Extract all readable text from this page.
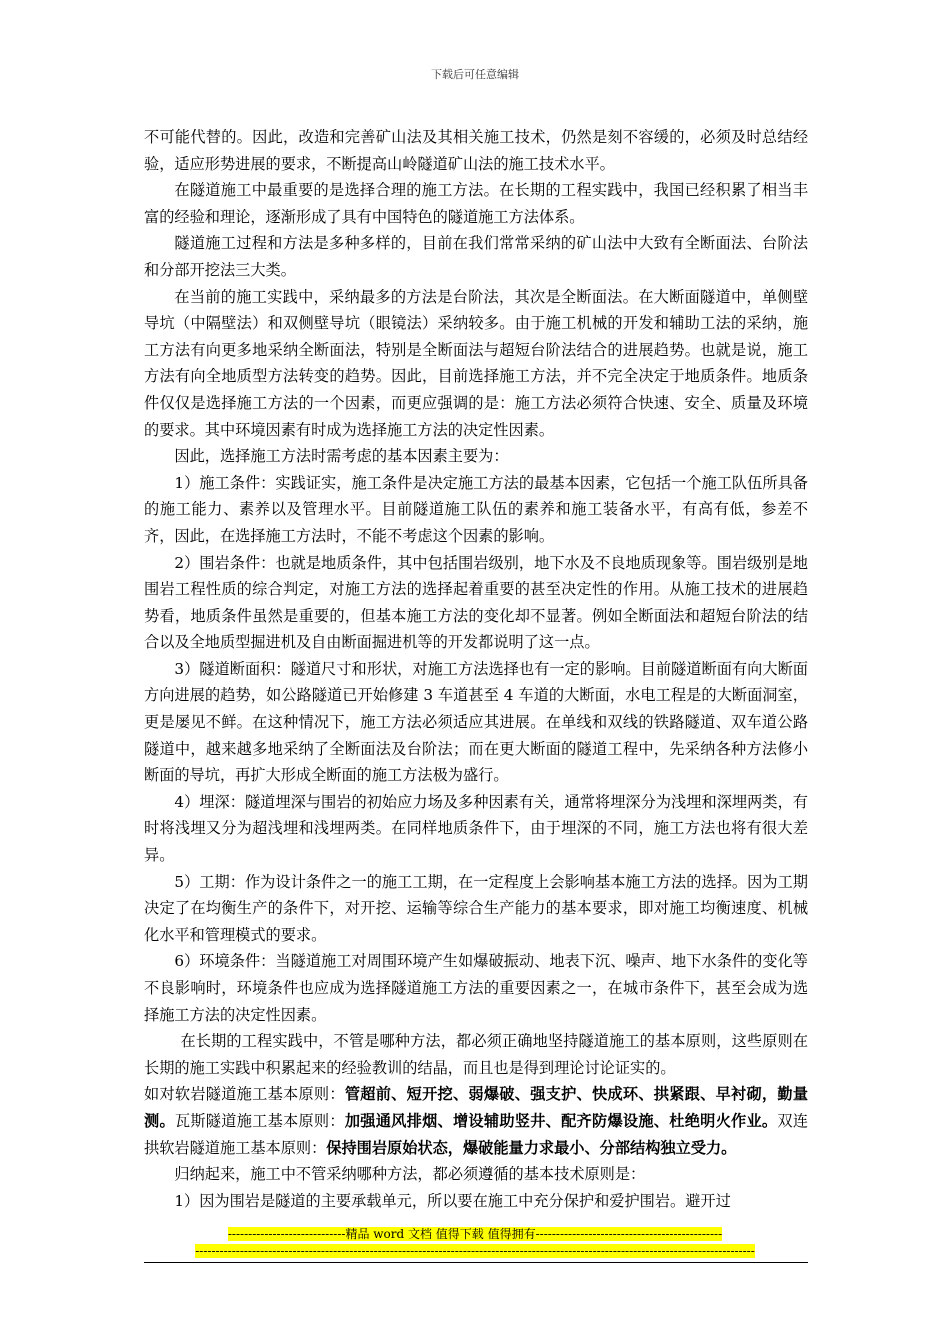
下载后可任意编辑

不可能代替的。因此，改造和完善矿山法及其相关施工技术，仍然是刻不容缓的，必须及时总结经验，适应形势进展的要求，不断提高山岭隧道矿山法的施工技术水平。

在隧道施工中最重要的是选择合理的施工方法。在长期的工程实践中，我国已经积累了相当丰富的经验和理论，逐渐形成了具有中国特色的隧道施工方法体系。

隧道施工过程和方法是多种多样的，目前在我们常常采纳的矿山法中大致有全断面法、台阶法和分部开挖法三大类。

在当前的施工实践中，采纳最多的方法是台阶法，其次是全断面法。在大断面隧道中，单侧壁导坑（中隔壁法）和双侧壁导坑（眼镜法）采纳较多。由于施工机械的开发和辅助工法的采纳，施工方法有向更多地采纳全断面法，特别是全断面法与超短台阶法结合的进展趋势。也就是说，施工方法有向全地质型方法转变的趋势。因此，目前选择施工方法，并不完全决定于地质条件。地质条件仅仅是选择施工方法的一个因素，而更应强调的是：施工方法必须符合快速、安全、质量及环境的要求。其中环境因素有时成为选择施工方法的决定性因素。

因此，选择施工方法时需考虑的基本因素主要为：

1）施工条件：实践证实，施工条件是决定施工方法的最基本因素，它包括一个施工队伍所具备的施工能力、素养以及管理水平。目前隧道施工队伍的素养和施工装备水平，有高有低，参差不齐，因此，在选择施工方法时，不能不考虑这个因素的影响。

2）围岩条件：也就是地质条件，其中包括围岩级别，地下水及不良地质现象等。围岩级别是地围岩工程性质的综合判定，对施工方法的选择起着重要的甚至决定性的作用。从施工技术的进展趋势看，地质条件虽然是重要的，但基本施工方法的变化却不显著。例如全断面法和超短台阶法的结合以及全地质型掘进机及自由断面掘进机等的开发都说明了这一点。

3）隧道断面积：隧道尺寸和形状，对施工方法选择也有一定的影响。目前隧道断面有向大断面方向进展的趋势，如公路隧道已开始修建 3 车道甚至 4 车道的大断面，水电工程是的大断面洞室，更是屡见不鲜。在这种情况下，施工方法必须适应其进展。在单线和双线的铁路隧道、双车道公路隧道中，越来越多地采纳了全断面法及台阶法；而在更大断面的隧道工程中，先采纳各种方法修小断面的导坑，再扩大形成全断面的施工方法极为盛行。

4）埋深：隧道埋深与围岩的初始应力场及多种因素有关，通常将埋深分为浅埋和深埋两类，有时将浅埋又分为超浅埋和浅埋两类。在同样地质条件下，由于埋深的不同，施工方法也将有很大差异。

5）工期：作为设计条件之一的施工工期，在一定程度上会影响基本施工方法的选择。因为工期决定了在均衡生产的条件下，对开挖、运输等综合生产能力的基本要求，即对施工均衡速度、机械化水平和管理模式的要求。

6）环境条件：当隧道施工对周围环境产生如爆破振动、地表下沉、噪声、地下水条件的变化等不良影响时，环境条件也应成为选择隧道施工方法的重要因素之一，在城市条件下，甚至会成为选择施工方法的决定性因素。

在长期的工程实践中，不管是哪种方法，都必须正确地坚持隧道施工的基本原则，这些原则在长期的施工实践中积累起来的经验教训的结晶，而且也是得到理论讨论证实的。

如对软岩隧道施工基本原则：管超前、短开挖、弱爆破、强支护、快成环、拱紧跟、早衬砌，勤量测。瓦斯隧道施工基本原则：加强通风排烟、增设辅助竖井、配齐防爆设施、杜绝明火作业。双连拱软岩隧道施工基本原则：保持围岩原始状态，爆破能量力求最小、分部结构独立受力。

归纳起来，施工中不管采纳哪种方法，都必须遵循的基本技术原则是：

1）因为围岩是隧道的主要承载单元，所以要在施工中充分保护和爱护围岩。避开过

-----------------------------精品 word 文档 值得下载 值得拥有----------------------------------------------
------------------------------------------------------------------------------------------------------------------------------------------
